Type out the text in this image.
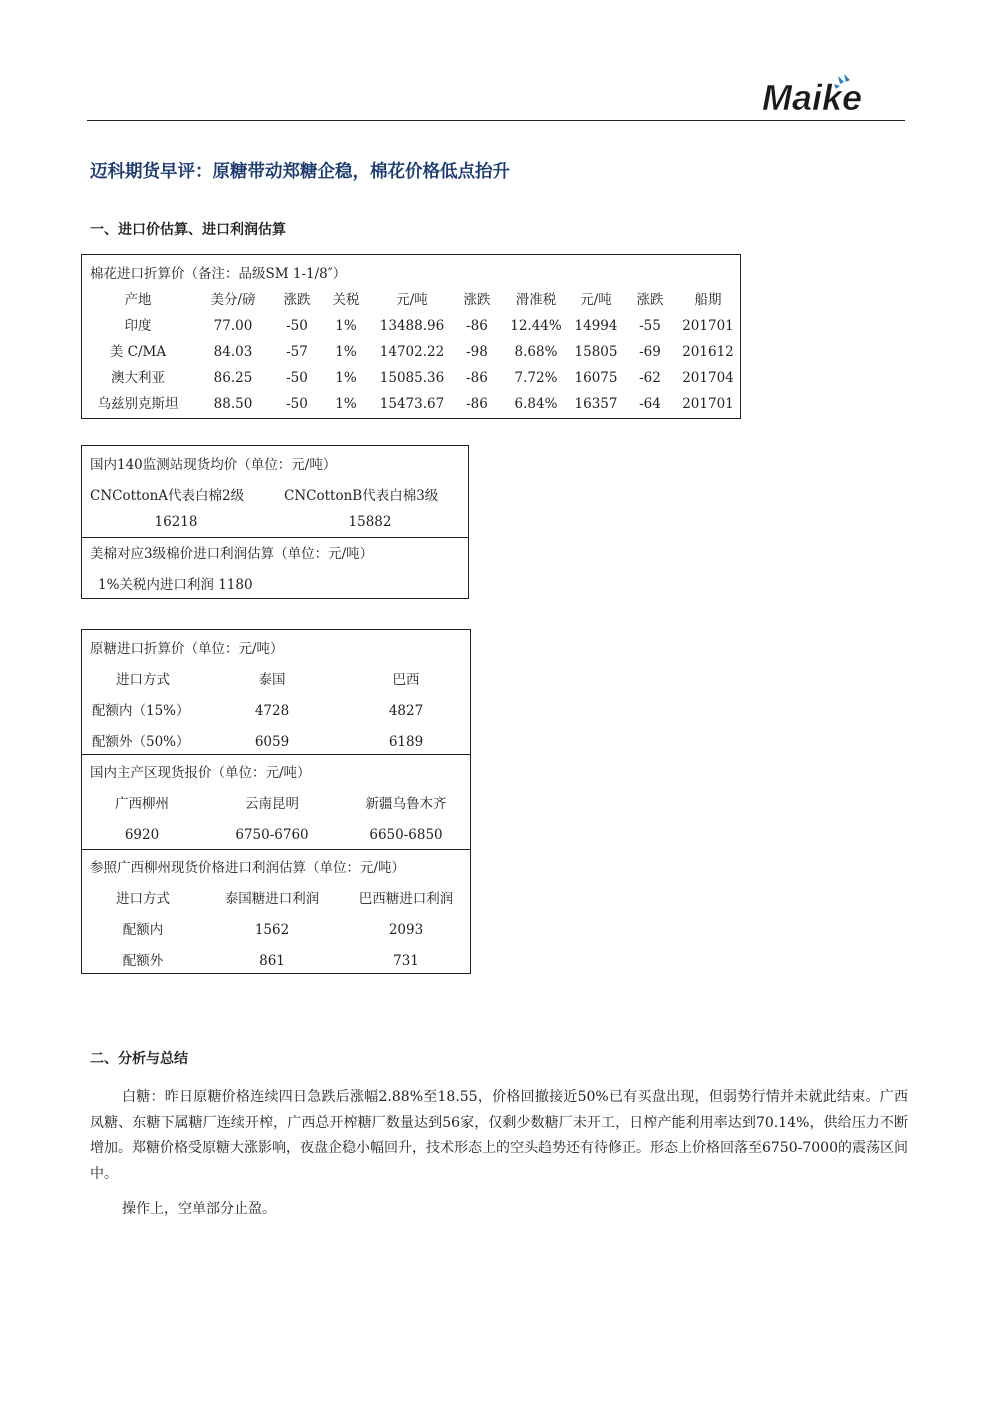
Maike
迈科期货早评：原糖带动郑糖企稳，棉花价格低点抬升
一、进口价估算、进口利润估算
棉花进口折算价（备注：品级SM 1-1/8″）
产地	美分/磅	涨跌	关税	元/吨	涨跌	滑准税	元/吨	涨跌	船期
印度	77.00	-50	1%	13488.96	-86	12.44% 14994	-55	201701
美 C/MA	84.03	-57	1%	14702.22	-98	8.68%	15805	-69	201612
澳大利亚	86.25	-50	1%	15085.36	-86	7.72%	16075	-62	201704
乌兹别克斯坦	88.50	-50	1%	15473.67	-86	6.84%	16357	-64	201701
国内140监测站现货均价（单位：元/吨）
CNCottonA代表白棉2级	CNCottonB代表白棉3级
16218	15882
美棉对应3级棉价进口利润估算（单位：元/吨）
1%关税内进口利润 1180
原糖进口折算价（单位：元/吨）
进口方式	泰国	巴西
配额内（15%）	4728	4827
配额外（50%）	6059	6189
国内主产区现货报价（单位：元/吨）
广西柳州	云南昆明	新疆乌鲁木齐
6920	6750-6760	6650-6850
参照广西柳州现货价格进口利润估算（单位：元/吨）
进口方式	泰国糖进口利润	巴西糖进口利润
配额内	1562	2093
配额外	861	731
二、分析与总结

白糖：昨日原糖价格连续四日急跌后涨幅2.88%至18.55，价格回撤接近50%已有买盘出现，但弱势行情并未就此结束。广西凤糖、东糖下属糖厂连续开榨，广西总开榨糖厂数量达到56家，仅剩少数糖厂未开工，日榨产能利用率达到70.14%，供给压力不断增加。郑糖价格受原糖大涨影响，夜盘企稳小幅回升，技术形态上的空头趋势还有待修正。形态上价格回落至6750-7000的震荡区间中。

操作上，空单部分止盈。
